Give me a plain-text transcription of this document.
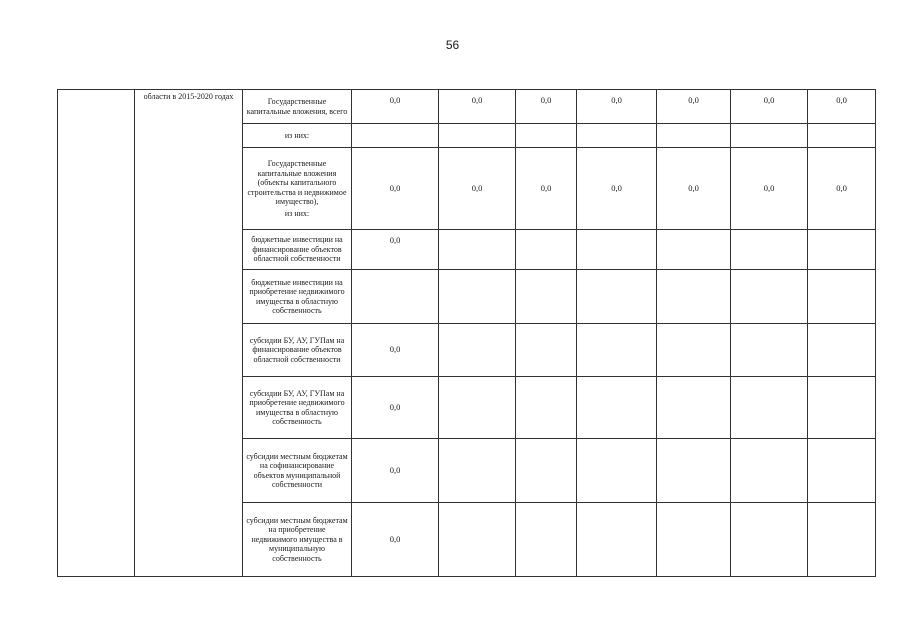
56
	области в 2015-2020 годах	Государственные капитальные вложения, всего	0,0	0,0	0,0	0,0	0,0	0,0	0,0

		из них:							

		Государственные капитальные вложения (объекты капитального строительства и недвижимое имущество),
из них:	0,0	0,0	0,0	0,0	0,0	0,0	0,0

		бюджетные инвестиции на финансирование объектов областной собственности	0,0						

		бюджетные инвестиции на приобретение недвижимого имущества в областную собственность							

		субсидии БУ, АУ, ГУПам на финансирование объектов областной собственности	0,0						

		субсидии БУ, АУ, ГУПам на приобретение недвижимого имущества в областную собственность	0,0						

		субсидии местным бюджетам на софинансирование объектов муниципальной собственности	0,0						

		субсидии местным бюджетам на приобретение недвижимого имущества в муниципальную собственность	0,0						
